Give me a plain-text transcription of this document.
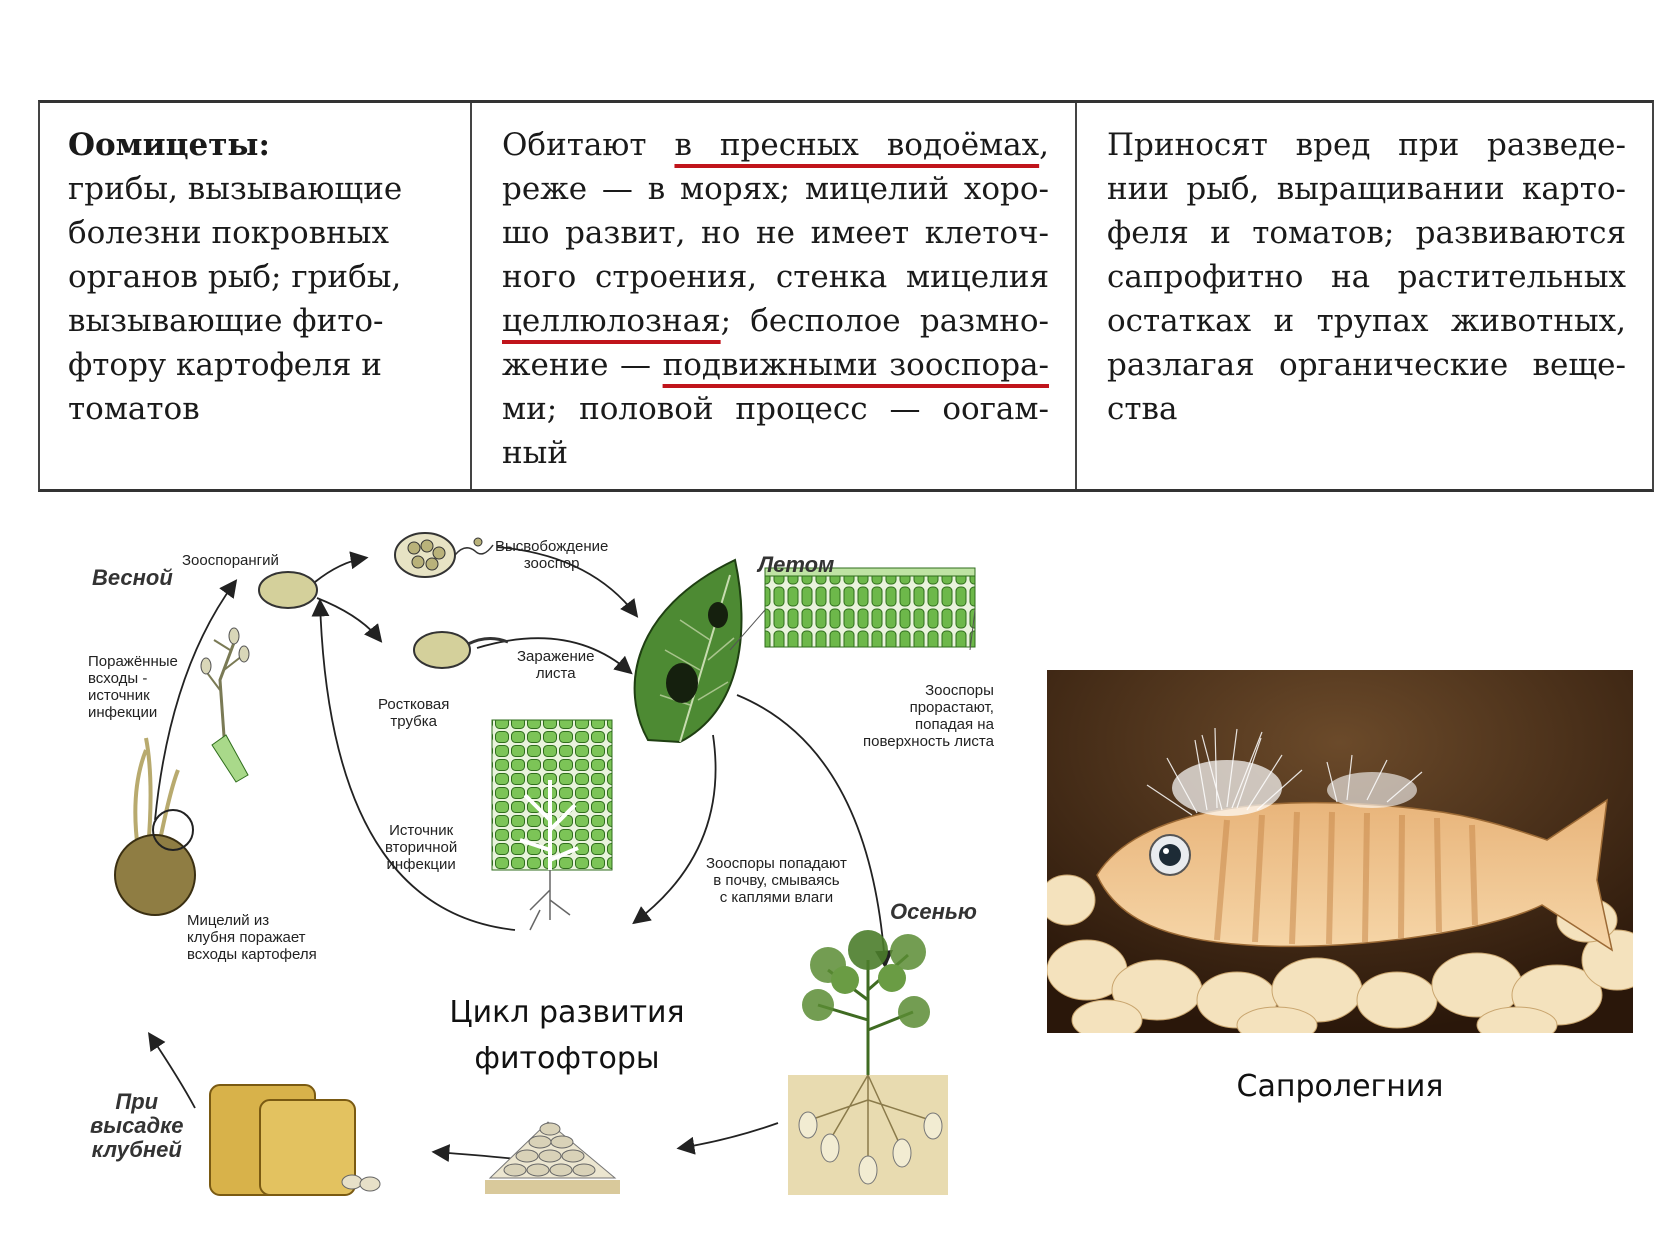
Оомицеты:
грибы, вызывающие
болезни покровных
органов рыб; грибы,
вызывающие фито-
фтору картофеля и
томатов
Обитают в пресных водоёмах,
реже — в морях; мицелий хоро-
шо развит, но не имеет клеточ-
ного строения, стенка мицелия
целлюлозная; бесполое размно-
жение — подвижными зооспора-
ми; половой процесс — оогам-
ный
Приносят вред при разведе-
нии рыб, выращивании карто-
феля и томатов; развиваются
сапрофитно на растительных
остатках и трупах животных,
разлагая органические веще-
ства
Весной
Летом
Осенью
При
высадке
клубней
Зооспорангий
Высвобождение
зооспор
Заражение
листа
Ростковая
трубка
Поражённые
всходы -
источник
инфекции
Зооспоры
прорастают,
попадая на
поверхность листа
Источник
вторичной
инфекции	Зооспоры попадают
в почву, смываясь
с каплями влаги
Мицелий из
клубня поражает
всходы картофеля
Цикл развития
фитофторы
Сапролегния
